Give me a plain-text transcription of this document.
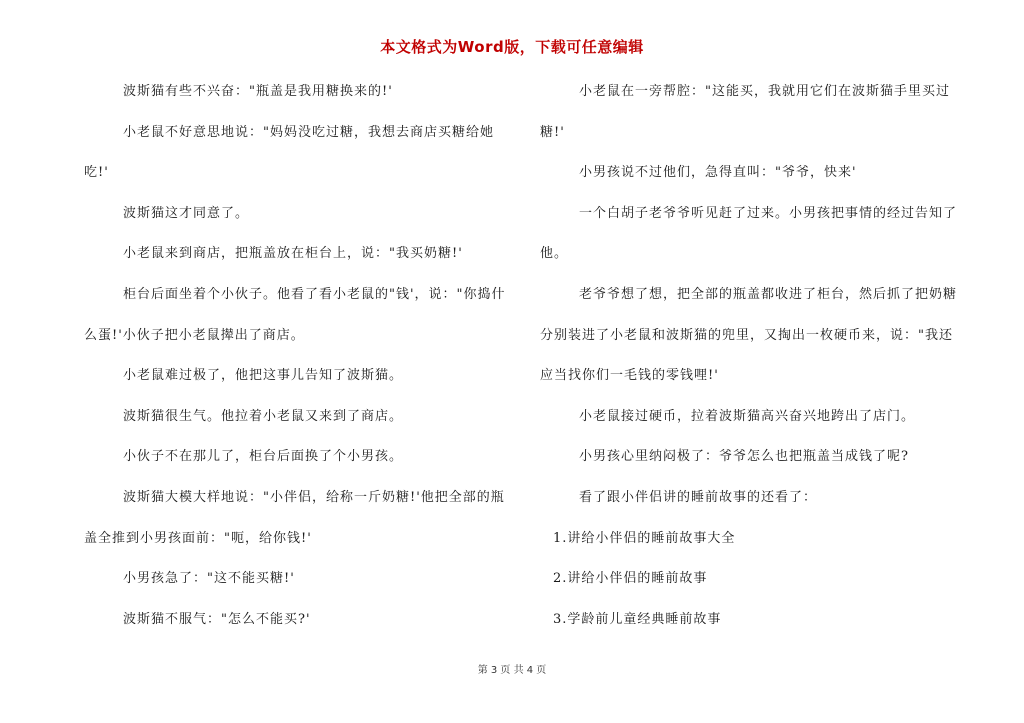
本文格式为Word版，下载可任意编辑

波斯猫有些不兴奋："瓶盖是我用糖换来的!'

小老鼠不好意思地说："妈妈没吃过糖，我想去商店买糖给她吃!'

波斯猫这才同意了。

小老鼠来到商店，把瓶盖放在柜台上，说："我买奶糖!'

柜台后面坐着个小伙子。他看了看小老鼠的"钱'，说："你捣什么蛋!'小伙子把小老鼠撵出了商店。

小老鼠难过极了，他把这事儿告知了波斯猫。

波斯猫很生气。他拉着小老鼠又来到了商店。

小伙子不在那儿了，柜台后面换了个小男孩。

波斯猫大模大样地说："小伴侣，给称一斤奶糖!'他把全部的瓶盖全推到小男孩面前："呃，给你钱!'

小男孩急了："这不能买糖!'

波斯猫不服气："怎么不能买?'

小老鼠在一旁帮腔："这能买，我就用它们在波斯猫手里买过糖!'

小男孩说不过他们，急得直叫："爷爷，快来'

一个白胡子老爷爷听见赶了过来。小男孩把事情的经过告知了他。

老爷爷想了想，把全部的瓶盖都收进了柜台，然后抓了把奶糖分别装进了小老鼠和波斯猫的兜里，又掏出一枚硬币来，说："我还应当找你们一毛钱的零钱哩!'

小老鼠接过硬币，拉着波斯猫高兴奋兴地跨出了店门。

小男孩心里纳闷极了：爷爷怎么也把瓶盖当成钱了呢?

看了跟小伴侣讲的睡前故事的还看了：

1.讲给小伴侣的睡前故事大全

2.讲给小伴侣的睡前故事

3.学龄前儿童经典睡前故事

第 3 页 共 4 页
